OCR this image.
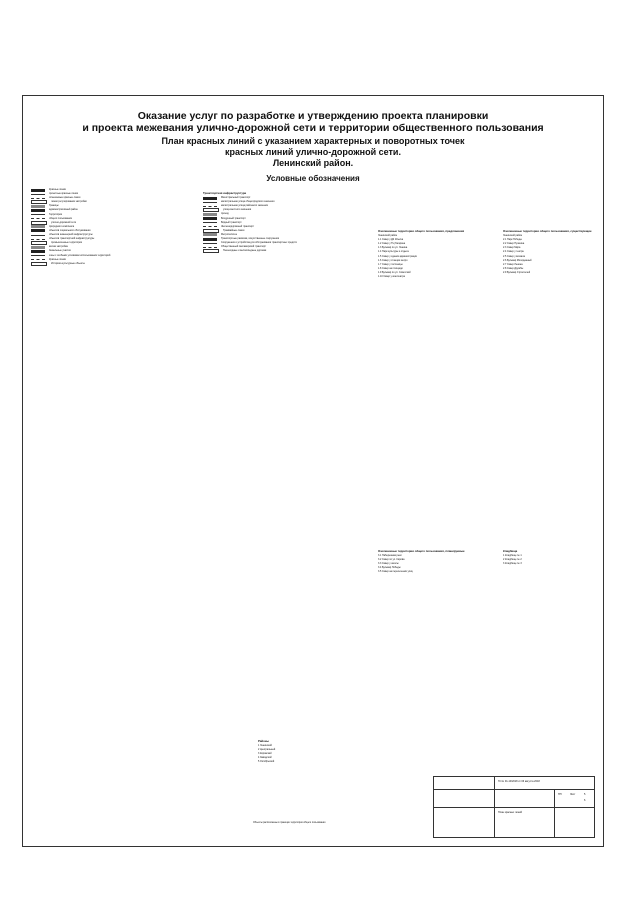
Оказание услуг по разработке и утверждению проекта планировки
и проекта межевания улично-дорожной сети и территории общественного пользования
План красных линий с указанием характерных и поворотных точек
красных линий улично-дорожной сети.
Ленинский район.
Условные обозначения
Красные линии
проектные красные линии
отменяемые красные линии
линии регулирования застройки
Границы
административный район
Территории
общего пользования
улично-дорожной сети
природного комплекса
объектов социального обслуживания
объектов инженерной инфраструктуры
объектов транспортной инфраструктуры
промышленные территории
жилая застройка
Земельные участки
зоны с особыми условиями использования территорий
Красные линии
Историко-культурные объекты
Транспортная инфраструктура
Магистральный транспорт
магистральная улица общегородского значения
магистральная улица районного значения
улица местного значения
проезд
Воздушный транспорт
Водный транспорт
Железнодорожный транспорт
Трамвайные линии
Метрополитен
Транспортные развязки, искусственные сооружения
Сооружения и устройства для обслуживания транспортных средств
Общественный пассажирский транспорт
Пешеходные и велосипедные дорожки
Озелененные территории общего пользования, предложения
Ленинский район
1.1 Сквер у ДК Ильича
1.2 Сквер у ТЦ Гагарина
1.3 Бульвар по ул. Ленина
1.4 Парк культуры и отдыха
1.5 Сквер у здания администрации
1.6 Сквер у станции метро
1.7 Сквер у гостиницы
1.8 Сквер на площади
1.9 Бульвар по ул. Советской
1.10 Сквер у кинотеатра
Озелененные территории общего пользования, существующие
Ленинский район
2.1 Парк Победы
2.2 Сквер Пушкина
2.3 Сквер Мира
2.4 Сквер у театра
2.5 Сквер у вокзала
2.6 Бульвар Молодежный
2.7 Сквер Ленина
2.8 Сквер Дружбы
2.9 Бульвар Строителей
Озелененные территории общего пользования, планируемые
3.1 Набережная реки
3.2 Сквер по ул. Кирова
3.3 Сквер у школы
3.4 Бульвар Победы
3.5 Сквер на пересечении улиц
Кладбища
1 Кладбище № 1
2 Кладбище № 2
3 Кладбище № 3
Районы
1 Ленинский
2 Центральный
3 Кировский
4 Заводской
5 Октябрьский
Объекты расположены в границах территории общего пользования
ГК № 01-10/2018 от 06 августа 2018
План красных линий
ПП	Лист	5
6
